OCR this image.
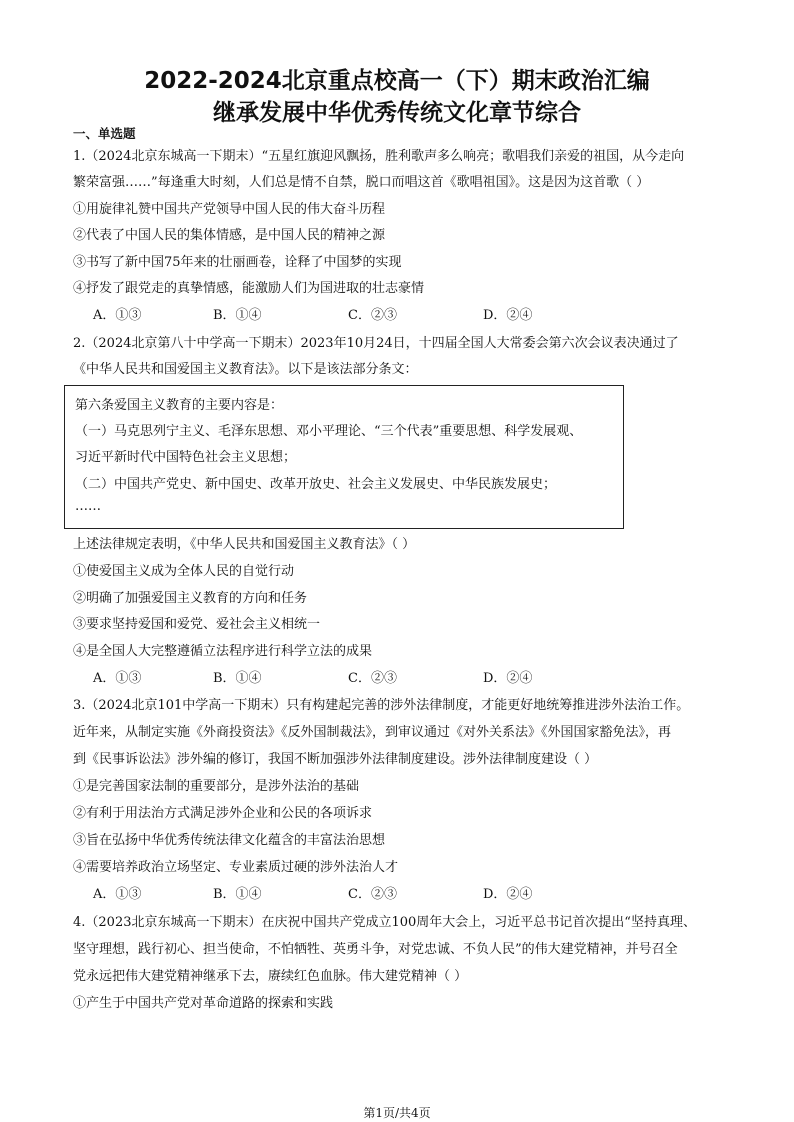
2022-2024北京重点校高一（下）期末政治汇编
继承发展中华优秀传统文化章节综合
一、单选题
1.（2024北京东城高一下期末）“五星红旗迎风飘扬，胜利歌声多么响亮；歌唱我们亲爱的祖国，从今走向
繁荣富强……”每逢重大时刻，人们总是情不自禁，脱口而唱这首《歌唱祖国》。这是因为这首歌（ ）
①用旋律礼赞中国共产党领导中国人民的伟大奋斗历程
②代表了中国人民的集体情感，是中国人民的精神之源
③书写了新中国75年来的壮丽画卷，诠释了中国梦的实现
④抒发了跟党走的真挚情感，能激励人们为国进取的壮志豪情
A．①③	B．①④	C．②③	D．②④
2.（2024北京第八十中学高一下期末）2023年10月24日，十四届全国人大常委会第六次会议表决通过了
《中华人民共和国爱国主义教育法》。以下是该法部分条文：
第六条爱国主义教育的主要内容是：
（一）马克思列宁主义、毛泽东思想、邓小平理论、“三个代表”重要思想、科学发展观、
习近平新时代中国特色社会主义思想；
（二）中国共产党史、新中国史、改革开放史、社会主义发展史、中华民族发展史；
……
上述法律规定表明，《中华人民共和国爱国主义教育法》（ ）
①使爱国主义成为全体人民的自觉行动
②明确了加强爱国主义教育的方向和任务
③要求坚持爱国和爱党、爱社会主义相统一
④是全国人大完整遵循立法程序进行科学立法的成果
A．①③	B．①④	C．②③	D．②④
3.（2024北京101中学高一下期末）只有构建起完善的涉外法律制度，才能更好地统筹推进涉外法治工作。
近年来，从制定实施《外商投资法》《反外国制裁法》，到审议通过《对外关系法》《外国国家豁免法》，再
到《民事诉讼法》涉外编的修订，我国不断加强涉外法律制度建设。涉外法律制度建设（ ）
①是完善国家法制的重要部分，是涉外法治的基础
②有利于用法治方式满足涉外企业和公民的各项诉求
③旨在弘扬中华优秀传统法律文化蕴含的丰富法治思想
④需要培养政治立场坚定、专业素质过硬的涉外法治人才
A．①③	B．①④	C．②③	D．②④
4.（2023北京东城高一下期末）在庆祝中国共产党成立100周年大会上，习近平总书记首次提出“坚持真理、
坚守理想，践行初心、担当使命，不怕牺牲、英勇斗争，对党忠诚、不负人民”的伟大建党精神，并号召全
党永远把伟大建党精神继承下去，赓续红色血脉。伟大建党精神（ ）
①产生于中国共产党对革命道路的探索和实践
第1页/共4页
